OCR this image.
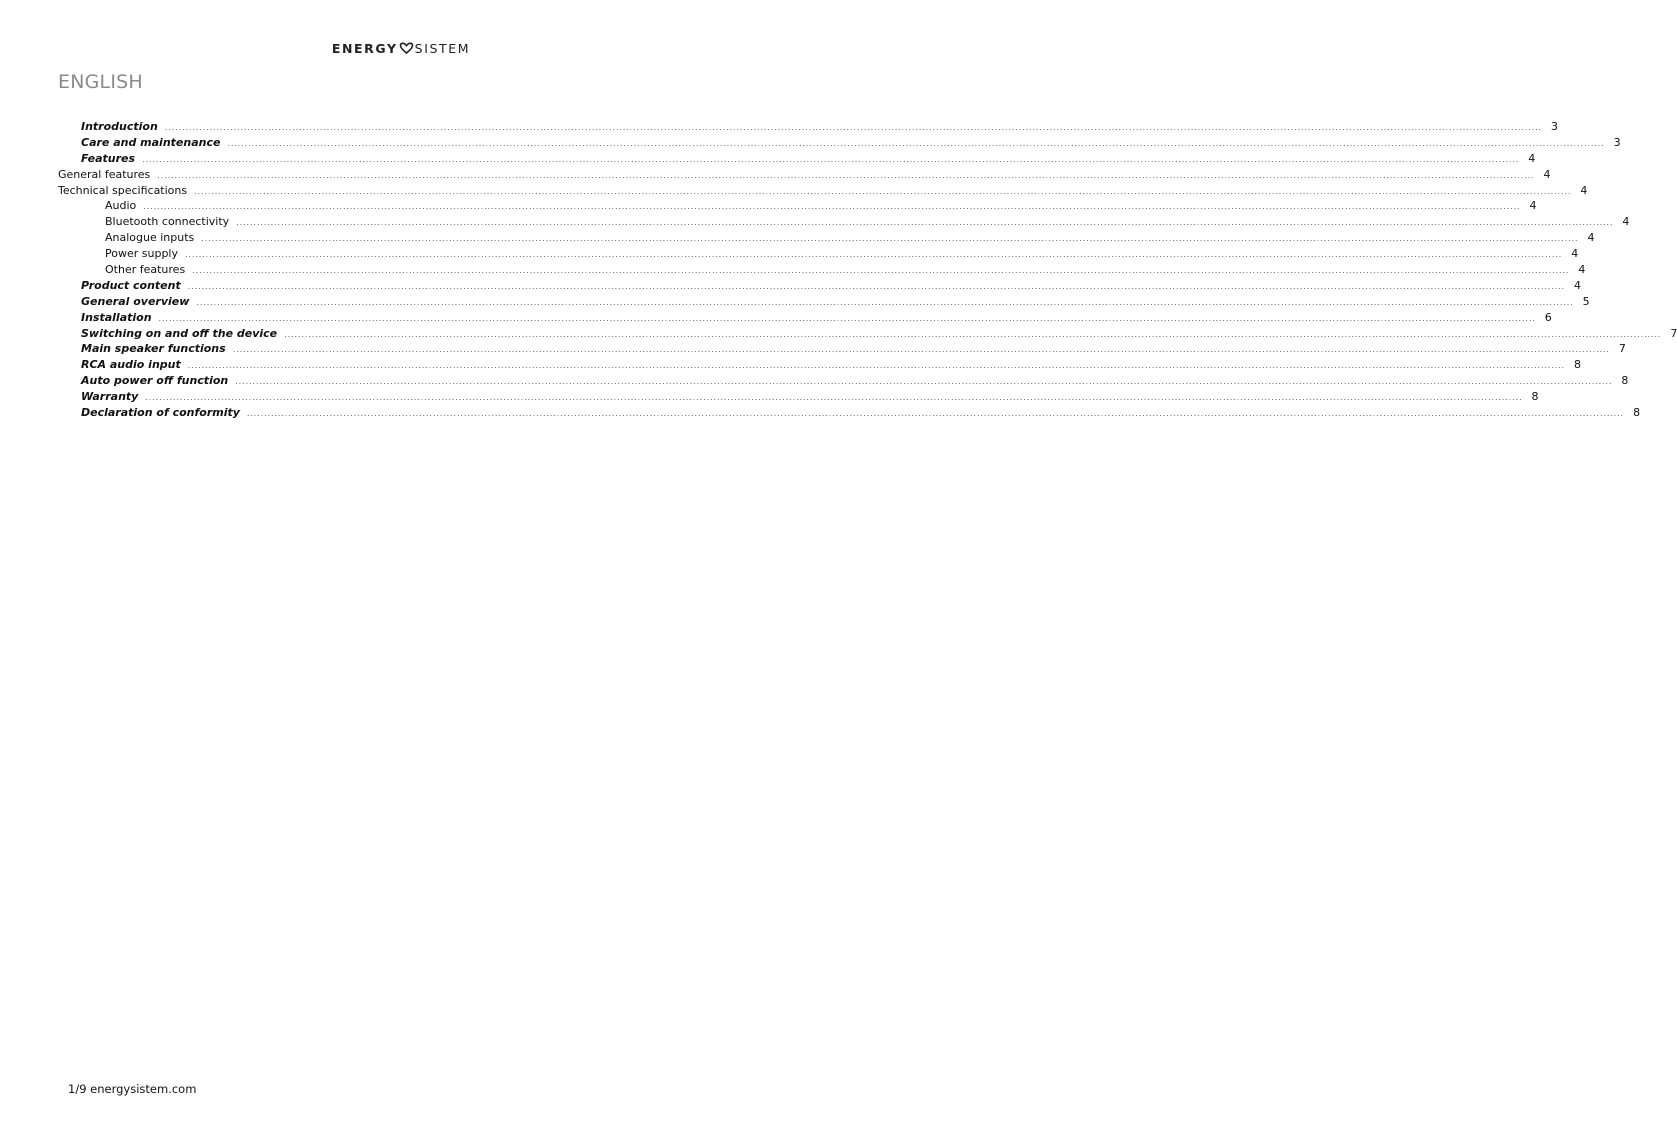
ENERGY SISTEM
ENGLISH
Introduction ................................................................................................................................................................................................................................................................................................................................................................................................................ 3
Care and maintenance ................................................................................................................................................................................................................................................................................................................................................................................................................ 3
Features ................................................................................................................................................................................................................................................................................................................................................................................................................ 4
General features ................................................................................................................................................................................................................................................................................................................................................................................................................ 4
Technical specifications ................................................................................................................................................................................................................................................................................................................................................................................................................ 4
Audio ................................................................................................................................................................................................................................................................................................................................................................................................................ 4
Bluetooth connectivity ................................................................................................................................................................................................................................................................................................................................................................................................................ 4
Analogue inputs ................................................................................................................................................................................................................................................................................................................................................................................................................ 4
Power supply ................................................................................................................................................................................................................................................................................................................................................................................................................ 4
Other features ................................................................................................................................................................................................................................................................................................................................................................................................................ 4
Product content ................................................................................................................................................................................................................................................................................................................................................................................................................ 4
General overview ................................................................................................................................................................................................................................................................................................................................................................................................................ 5
Installation ................................................................................................................................................................................................................................................................................................................................................................................................................ 6
Switching on and off the device ................................................................................................................................................................................................................................................................................................................................................................................................................ 7
Main speaker functions ................................................................................................................................................................................................................................................................................................................................................................................................................ 7
RCA audio input ................................................................................................................................................................................................................................................................................................................................................................................................................ 8
Auto power off function ................................................................................................................................................................................................................................................................................................................................................................................................................ 8
Warranty ................................................................................................................................................................................................................................................................................................................................................................................................................ 8
Declaration of conformity ................................................................................................................................................................................................................................................................................................................................................................................................................ 8
1/9 energysistem.com
